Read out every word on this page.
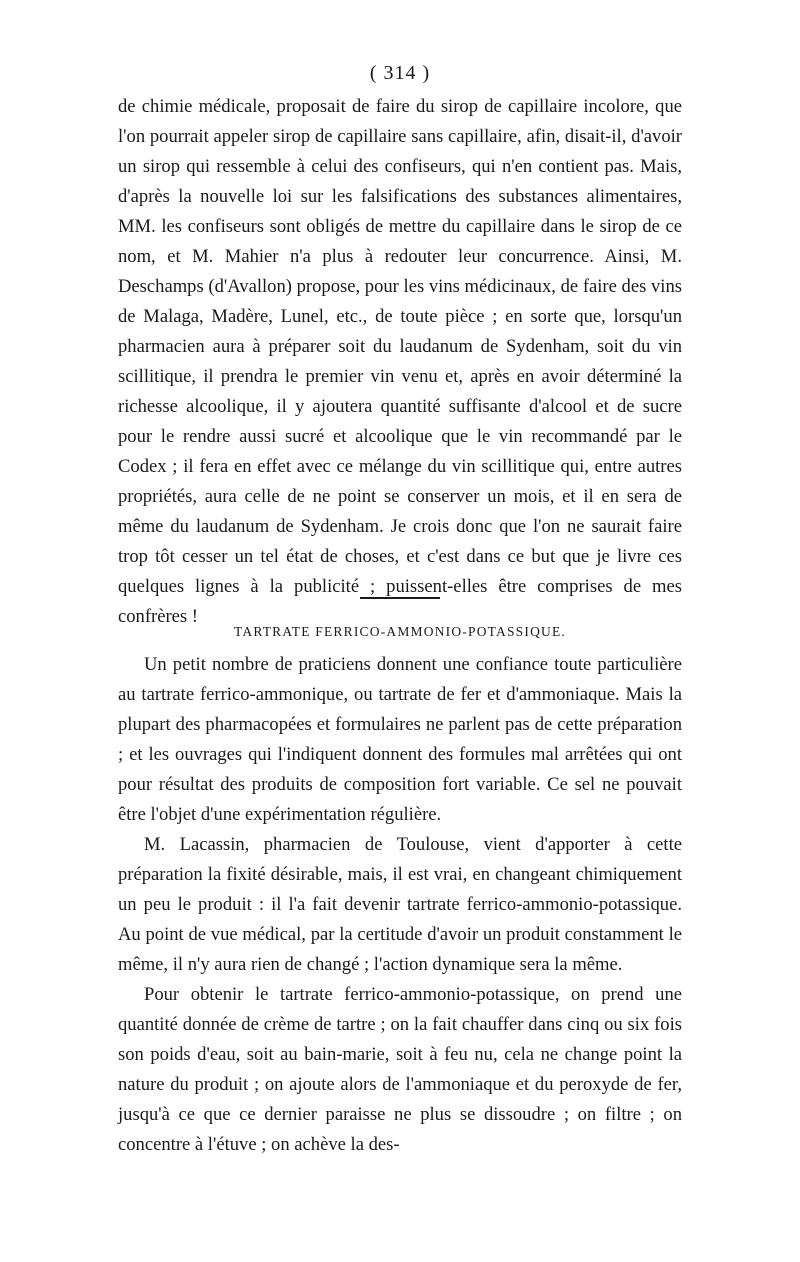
( 314 )

de chimie médicale, proposait de faire du sirop de capillaire incolore, que l'on pourrait appeler sirop de capillaire sans capillaire, afin, disait-il, d'avoir un sirop qui ressemble à celui des confiseurs, qui n'en contient pas. Mais, d'après la nouvelle loi sur les falsifications des substances alimentaires, MM. les confiseurs sont obligés de mettre du capillaire dans le sirop de ce nom, et M. Mahier n'a plus à redouter leur concurrence. Ainsi, M. Deschamps (d'Avallon) propose, pour les vins médicinaux, de faire des vins de Malaga, Madère, Lunel, etc., de toute pièce ; en sorte que, lorsqu'un pharmacien aura à préparer soit du laudanum de Sydenham, soit du vin scillitique, il prendra le premier vin venu et, après en avoir déterminé la richesse alcoolique, il y ajoutera quantité suffisante d'alcool et de sucre pour le rendre aussi sucré et alcoolique que le vin recommandé par le Codex ; il fera en effet avec ce mélange du vin scillitique qui, entre autres propriétés, aura celle de ne point se conserver un mois, et il en sera de même du laudanum de Sydenham. Je crois donc que l'on ne saurait faire trop tôt cesser un tel état de choses, et c'est dans ce but que je livre ces quelques lignes à la publicité ; puissent-elles être comprises de mes confrères !

TARTRATE FERRICO-AMMONIO-POTASSIQUE.

Un petit nombre de praticiens donnent une confiance toute particulière au tartrate ferrico-ammonique, ou tartrate de fer et d'ammoniaque. Mais la plupart des pharmacopées et formulaires ne parlent pas de cette préparation ; et les ouvrages qui l'indiquent donnent des formules mal arrêtées qui ont pour résultat des produits de composition fort variable. Ce sel ne pouvait être l'objet d'une expérimentation régulière.

M. Lacassin, pharmacien de Toulouse, vient d'apporter à cette préparation la fixité désirable, mais, il est vrai, en changeant chimiquement un peu le produit : il l'a fait devenir tartrate ferrico-ammonio-potassique. Au point de vue médical, par la certitude d'avoir un produit constamment le même, il n'y aura rien de changé ; l'action dynamique sera la même.

Pour obtenir le tartrate ferrico-ammonio-potassique, on prend une quantité donnée de crème de tartre ; on la fait chauffer dans cinq ou six fois son poids d'eau, soit au bain-marie, soit à feu nu, cela ne change point la nature du produit ; on ajoute alors de l'ammoniaque et du peroxyde de fer, jusqu'à ce que ce dernier paraisse ne plus se dissoudre ; on filtre ; on concentre à l'étuve ; on achève la des-
